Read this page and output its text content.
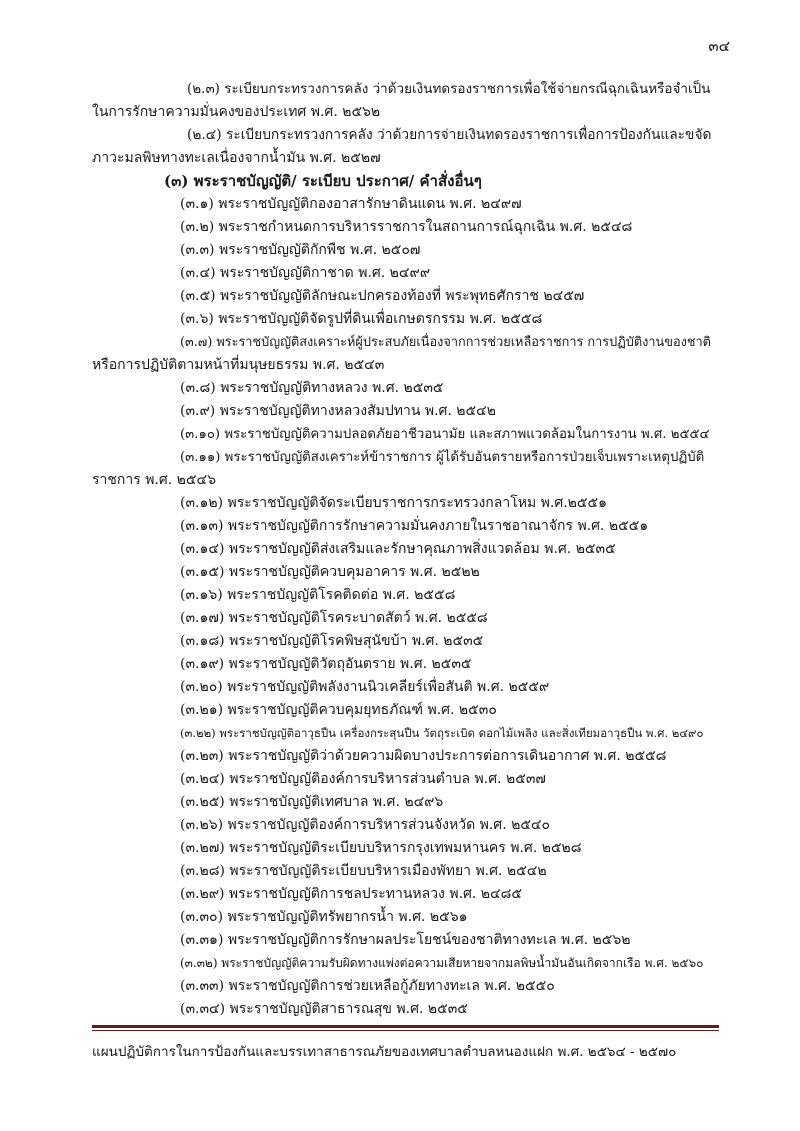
๓๔
(๒.๓) ระเบียบกระทรวงการคลัง ว่าด้วยเงินทดรองราชการเพื่อใช้จ่ายกรณีฉุกเฉินหรือจำเป็น
ในการรักษาความมั่นคงของประเทศ พ.ศ. ๒๕๖๒
(๒.๔) ระเบียบกระทรวงการคลัง ว่าด้วยการจ่ายเงินทดรองราชการเพื่อการป้องกันและขจัด
ภาวะมลพิษทางทะเลเนื่องจากน้ำมัน พ.ศ. ๒๕๒๗
(๓) พระราชบัญญัติ/ ระเบียบ ประกาศ/ คำสั่งอื่นๆ
(๓.๑) พระราชบัญญัติกองอาสารักษาดินแดน พ.ศ. ๒๔๙๗
(๓.๒) พระราชกำหนดการบริหารราชการในสถานการณ์ฉุกเฉิน พ.ศ. ๒๕๔๘
(๓.๓) พระราชบัญญัติกักพืช พ.ศ. ๒๕๐๗
(๓.๔) พระราชบัญญัติกาชาด พ.ศ. ๒๔๙๙
(๓.๕) พระราชบัญญัติลักษณะปกครองท้องที่ พระพุทธศักราช ๒๔๕๗
(๓.๖) พระราชบัญญัติจัดรูปที่ดินเพื่อเกษตรกรรม พ.ศ. ๒๕๕๘
(๓.๗) พระราชบัญญัติสงเคราะห์ผู้ประสบภัยเนื่องจากการช่วยเหลือราชการ การปฏิบัติงานของชาติ
หรือการปฏิบัติตามหน้าที่มนุษยธรรม พ.ศ. ๒๕๔๓
(๓.๘) พระราชบัญญัติทางหลวง พ.ศ. ๒๕๓๕
(๓.๙) พระราชบัญญัติทางหลวงสัมปทาน พ.ศ. ๒๕๔๒
(๓.๑๐) พระราชบัญญัติความปลอดภัยอาชีวอนามัย และสภาพแวดล้อมในการงาน พ.ศ. ๒๕๕๔
(๓.๑๑) พระราชบัญญัติสงเคราะห์ข้าราชการ ผู้ได้รับอันตรายหรือการป่วยเจ็บเพราะเหตุปฏิบัติ
ราชการ พ.ศ. ๒๕๔๖
(๓.๑๒) พระราชบัญญัติจัดระเบียบราชการกระทรวงกลาโหม พ.ศ.๒๕๕๑
(๓.๑๓) พระราชบัญญัติการรักษาความมั่นคงภายในราชอาณาจักร พ.ศ. ๒๕๕๑
(๓.๑๔) พระราชบัญญัติส่งเสริมและรักษาคุณภาพสิ่งแวดล้อม พ.ศ. ๒๕๓๕
(๓.๑๕) พระราชบัญญัติควบคุมอาคาร พ.ศ. ๒๕๒๒
(๓.๑๖) พระราชบัญญัติโรคติดต่อ พ.ศ. ๒๕๕๘
(๓.๑๗) พระราชบัญญัติโรคระบาดสัตว์ พ.ศ. ๒๕๕๘
(๓.๑๘) พระราชบัญญัติโรคพิษสุนัขบ้า พ.ศ. ๒๕๓๕
(๓.๑๙) พระราชบัญญัติวัตถุอันตราย พ.ศ. ๒๕๓๕
(๓.๒๐) พระราชบัญญัติพลังงานนิวเคลียร์เพื่อสันติ พ.ศ. ๒๕๕๙
(๓.๒๑) พระราชบัญญัติควบคุมยุทธภัณฑ์ พ.ศ. ๒๕๓๐
(๓.๒๒) พระราชบัญญัติอาวุธปืน เครื่องกระสุนปืน วัตถุระเบิด ดอกไม้เพลิง และสิ่งเทียมอาวุธปืน พ.ศ. ๒๔๙๐
(๓.๒๓) พระราชบัญญัติว่าด้วยความผิดบางประการต่อการเดินอากาศ พ.ศ. ๒๕๕๘
(๓.๒๔) พระราชบัญญัติองค์การบริหารส่วนตำบล พ.ศ. ๒๕๓๗
(๓.๒๕) พระราชบัญญัติเทศบาล พ.ศ. ๒๔๙๖
(๓.๒๖) พระราชบัญญัติองค์การบริหารส่วนจังหวัด พ.ศ. ๒๕๔๐
(๓.๒๗) พระราชบัญญัติระเบียบบริหารกรุงเทพมหานคร พ.ศ. ๒๕๒๘
(๓.๒๘) พระราชบัญญัติระเบียบบริหารเมืองพัทยา พ.ศ. ๒๕๔๒
(๓.๒๙) พระราชบัญญัติการชลประทานหลวง พ.ศ. ๒๔๘๕
(๓.๓๐) พระราชบัญญัติทรัพยากรน้ำ พ.ศ. ๒๕๖๑
(๓.๓๑) พระราชบัญญัติการรักษาผลประโยชน์ของชาติทางทะเล พ.ศ. ๒๕๖๒
(๓.๓๒) พระราชบัญญัติความรับผิดทางแพ่งต่อความเสียหายจากมลพิษน้ำมันอันเกิดจากเรือ พ.ศ. ๒๕๖๐
(๓.๓๓) พระราชบัญญัติการช่วยเหลือกู้ภัยทางทะเล พ.ศ. ๒๕๕๐
(๓.๓๔) พระราชบัญญัติสาธารณสุข พ.ศ. ๒๕๓๕
แผนปฏิบัติการในการป้องกันและบรรเทาสาธารณภัยของเทศบาลตำบลหนองแฝก พ.ศ. ๒๕๖๔ - ๒๕๗๐
